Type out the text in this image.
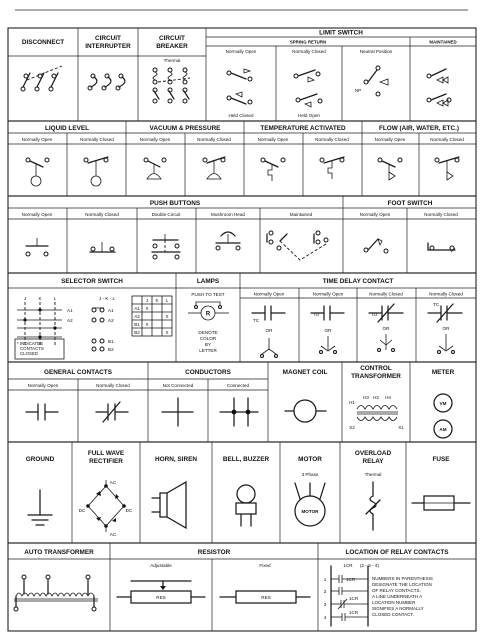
DISCONNECT
CIRCUIT INTERRUPTER
CIRCUIT BREAKER
Thermal
LIMIT SWITCH
SPRING RETURN	MAINTAINED
Normally Open	Normally Closed	Neutral Position
Held Closed	Held Open
NP
LIQUID LEVEL	VACUUM & PRESSURE	TEMPERATURE ACTIVATED	FLOW (AIR, WATER, ETC.)
Normally Open	Normally Closed	Normally Open	Normally Closed	Normally Open	Normally Closed	Normally Open	Normally Closed
PUSH BUTTONS	FOOT SWITCH
Normally Open	Normally Closed	Double Circuit	Mushroom Head	Maintained	Normally Open	Normally Closed
SELECTOR SWITCH	LAMPS	TIME DELAY CONTACT
PUSH TO TEST	Normally Open	Normally Open	Normally Closed	Normally Closed
J	K	L
* INDICATES CONTACTS CLOSED
A1
A2
J - K - L
A1
A2
B1
B2
J K L
A1 X
A2	X
B1 X
B2	X
R
DENOTE COLOR BY LETTER
TC
OR
TO
OR
TO
OR
TC
OR
GENERAL CONTACTS	CONDUCTORS	MAGNET COIL
CONTROL TRANSFORMER
METER
Normally Open	Normally Closed	Not Connected	Connected
H1
H3 H2 H4
X2	X1
VM
AM
GROUND
FULL WAVE RECTIFIER	HORN, SIREN	BELL, BUZZER	MOTOR
3 Phase
OVERLOAD RELAY
Thermal
FUSE
AC
DC	DC
AC
MOTOR
AUTO TRANSFORMER	RESISTOR	LOCATION OF RELAY CONTACTS
Adjustable	Fixed
RES	RES
1CR (2 - 3 - 4)
1
2
3
4
1CR
1CR
1CR
NUMBERS IN PARENTHESIS DESIGNATE THE LOCATION OF RELAY CONTACTS. A LINE UNDERNEATH A LOCATION NUMBER SIGNIFIES A NORMALLY CLOSED CONTACT.
